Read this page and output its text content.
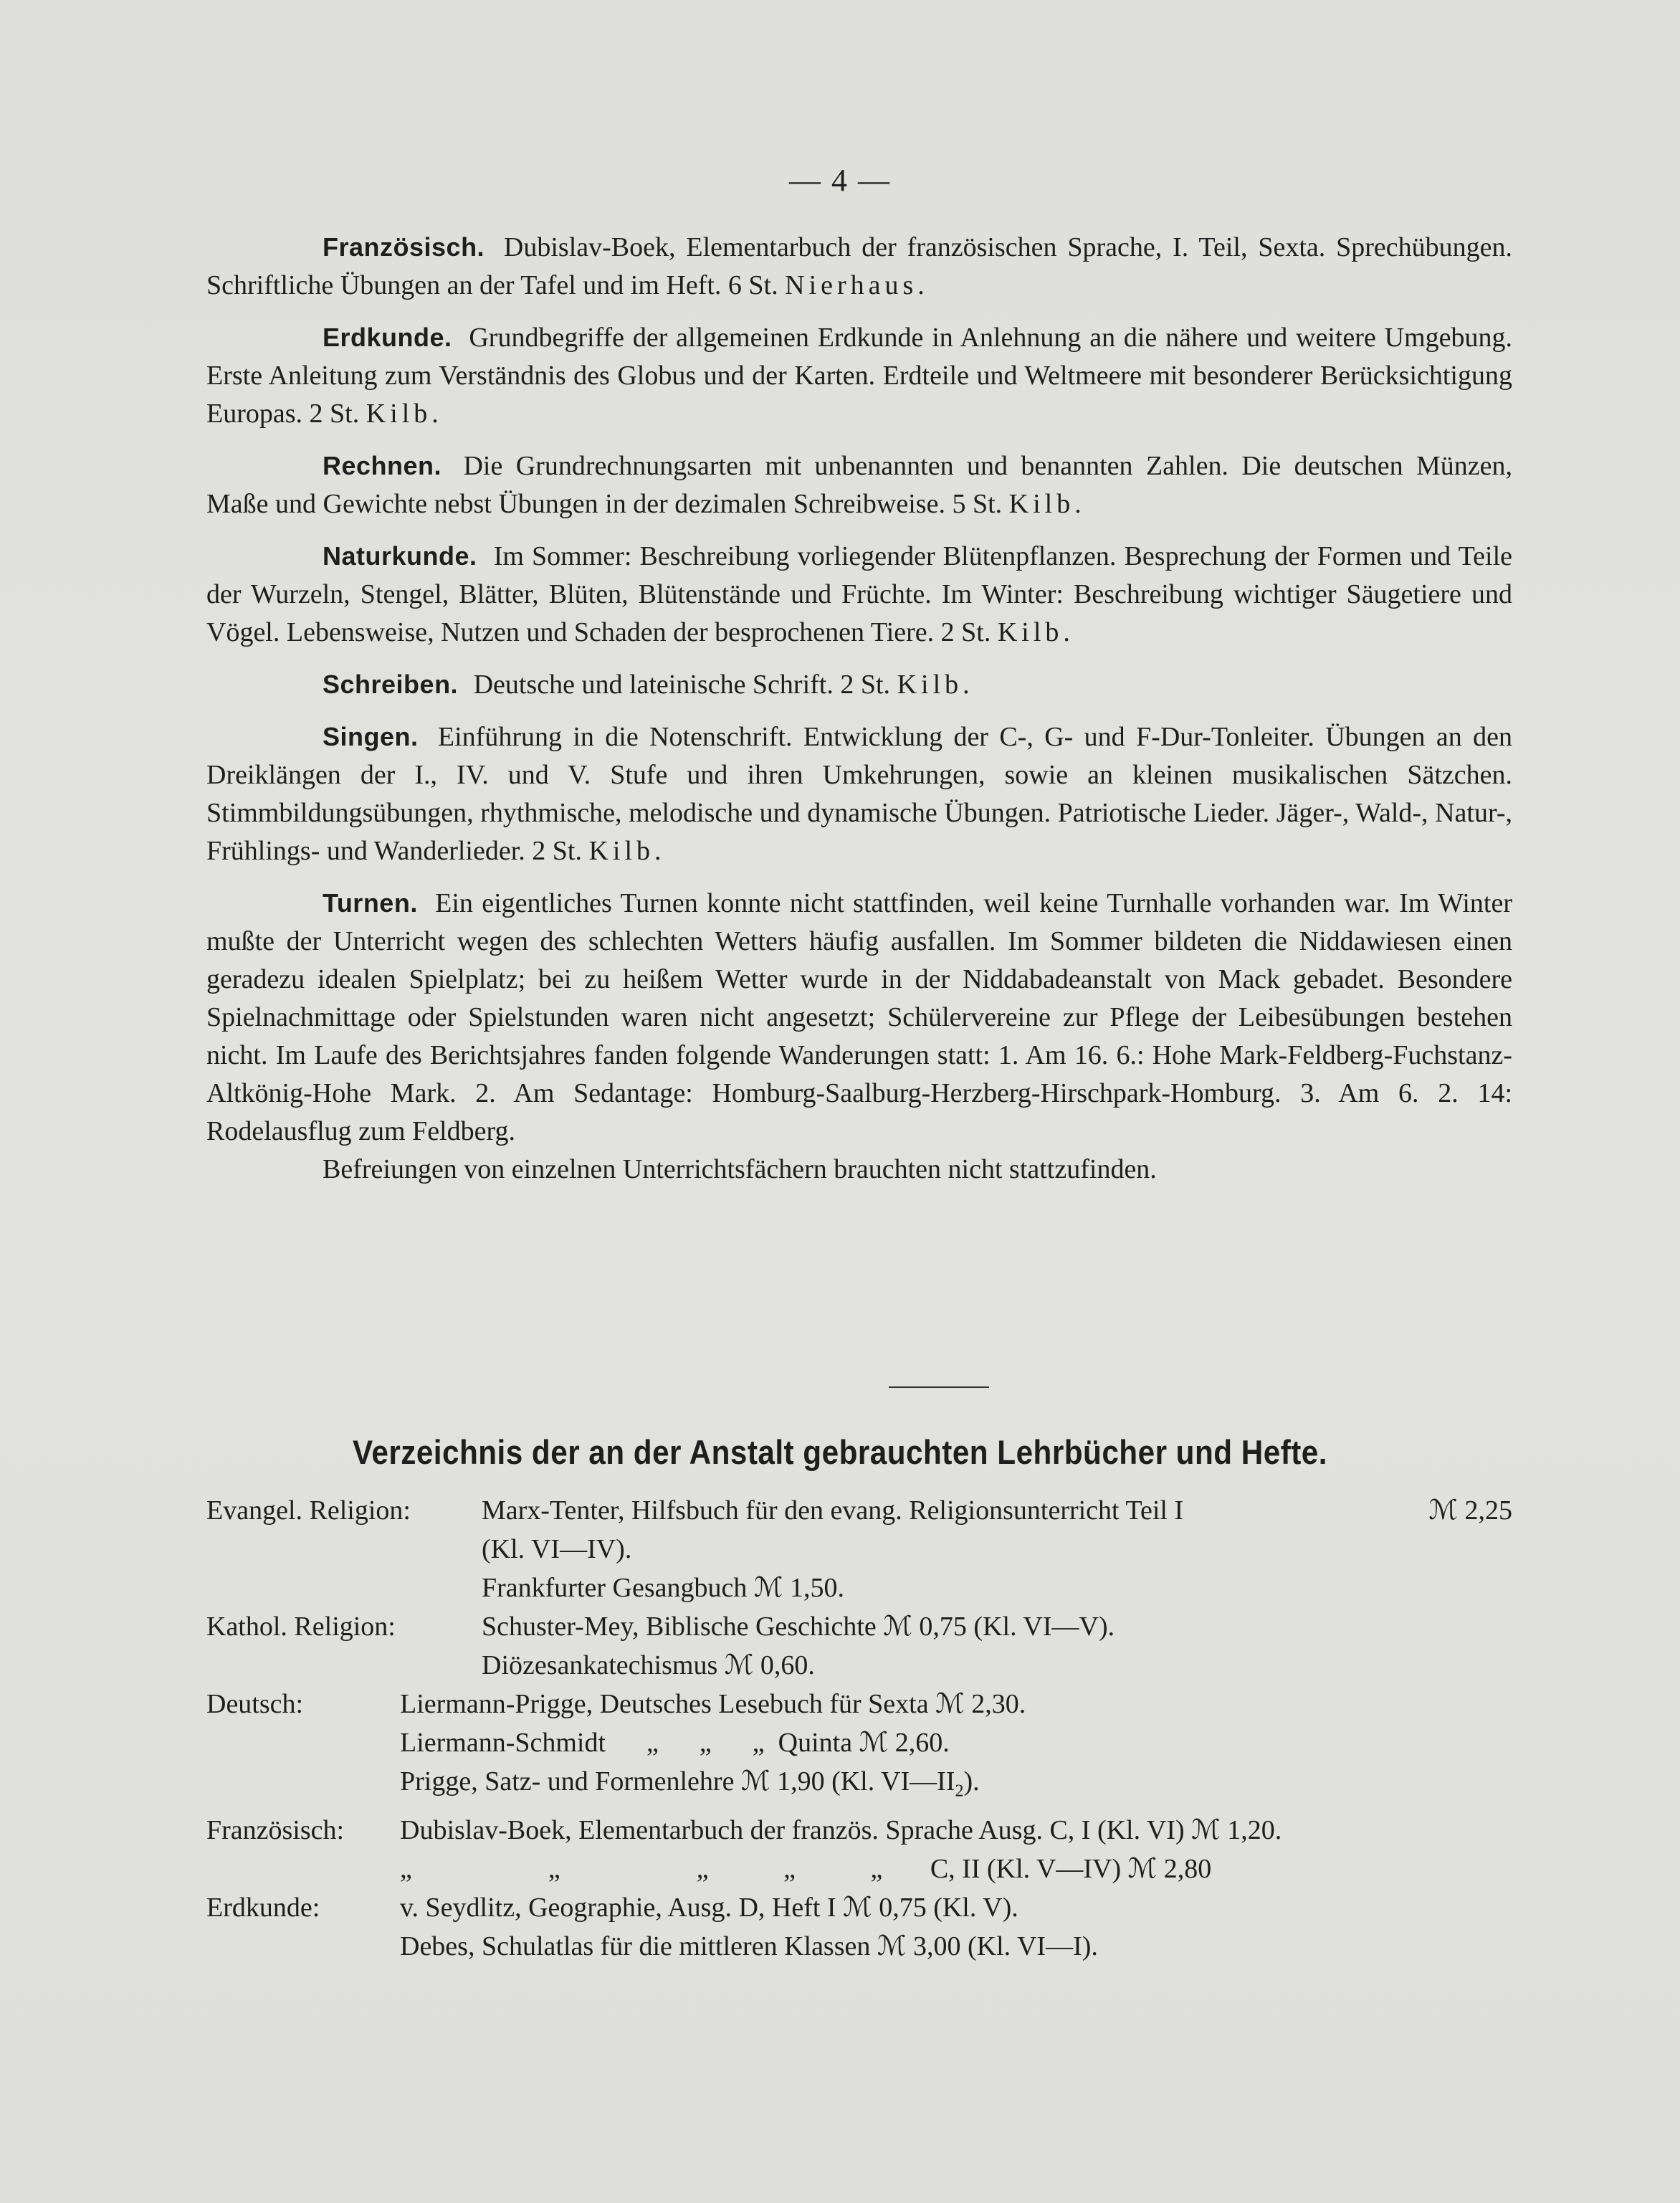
— 4 —

Französisch. Dubislav-Boek, Elementarbuch der französischen Sprache, I. Teil, Sexta. Sprechübungen. Schriftliche Übungen an der Tafel und im Heft. 6 St. Nierhaus.

Erdkunde. Grundbegriffe der allgemeinen Erdkunde in Anlehnung an die nähere und weitere Umgebung. Erste Anleitung zum Verständnis des Globus und der Karten. Erdteile und Weltmeere mit besonderer Berücksichtigung Europas. 2 St. Kilb.

Rechnen. Die Grundrechnungsarten mit unbenannten und benannten Zahlen. Die deutschen Münzen, Maße und Gewichte nebst Übungen in der dezimalen Schreibweise. 5 St. Kilb.

Naturkunde. Im Sommer: Beschreibung vorliegender Blütenpflanzen. Besprechung der Formen und Teile der Wurzeln, Stengel, Blätter, Blüten, Blütenstände und Früchte. Im Winter: Beschreibung wichtiger Säugetiere und Vögel. Lebensweise, Nutzen und Schaden der besprochenen Tiere. 2 St. Kilb.

Schreiben. Deutsche und lateinische Schrift. 2 St. Kilb.

Singen. Einführung in die Notenschrift. Entwicklung der C-, G- und F-Dur-Tonleiter. Übungen an den Dreiklängen der I., IV. und V. Stufe und ihren Umkehrungen, sowie an kleinen musikalischen Sätzchen. Stimmbildungsübungen, rhythmische, melodische und dynamische Übungen. Patriotische Lieder. Jäger-, Wald-, Natur-, Frühlings- und Wanderlieder. 2 St. Kilb.

Turnen. Ein eigentliches Turnen konnte nicht stattfinden, weil keine Turnhalle vorhanden war. Im Winter mußte der Unterricht wegen des schlechten Wetters häufig ausfallen. Im Sommer bildeten die Niddawiesen einen geradezu idealen Spielplatz; bei zu heißem Wetter wurde in der Niddabadeanstalt von Mack gebadet. Besondere Spielnachmittage oder Spielstunden waren nicht angesetzt; Schülervereine zur Pflege der Leibesübungen bestehen nicht. Im Laufe des Berichtsjahres fanden folgende Wanderungen statt: 1. Am 16. 6.: Hohe Mark-Feldberg-Fuchstanz-Altkönig-Hohe Mark. 2. Am Sedantage: Homburg-Saalburg-Herzberg-Hirschpark-Homburg. 3. Am 6. 2. 14: Rodelausflug zum Feldberg.

Befreiungen von einzelnen Unterrichtsfächern brauchten nicht stattzufinden.

Verzeichnis der an der Anstalt gebrauchten Lehrbücher und Hefte.
Evangel. Religion:	Marx-Tenter, Hilfsbuch für den evang. Religionsunterricht Teil I	ℳ 2,25
(Kl. VI—IV).
Frankfurter Gesangbuch ℳ 1,50.
Kathol. Religion:	Schuster-Mey, Biblische Geschichte ℳ 0,75 (Kl. VI—V).
Diözesankatechismus ℳ 0,60.
Deutsch:	Liermann-Prigge, Deutsches Lesebuch für Sexta ℳ 2,30.
Liermann-Schmidt      „      „      „  Quinta ℳ 2,60.
Prigge, Satz- und Formenlehre ℳ 1,90 (Kl. $VI—II_2$).
Französisch:	Dubislav-Boek, Elementarbuch der französ. Sprache Ausg. C, I (Kl. VI) ℳ 1,20.
„                    „                    „           „           „       C, II (Kl. V—IV) ℳ 2,80
Erdkunde:	v. Seydlitz, Geographie, Ausg. D, Heft I ℳ 0,75 (Kl. V).
Debes, Schulatlas für die mittleren Klassen ℳ 3,00 (Kl. VI—I).
